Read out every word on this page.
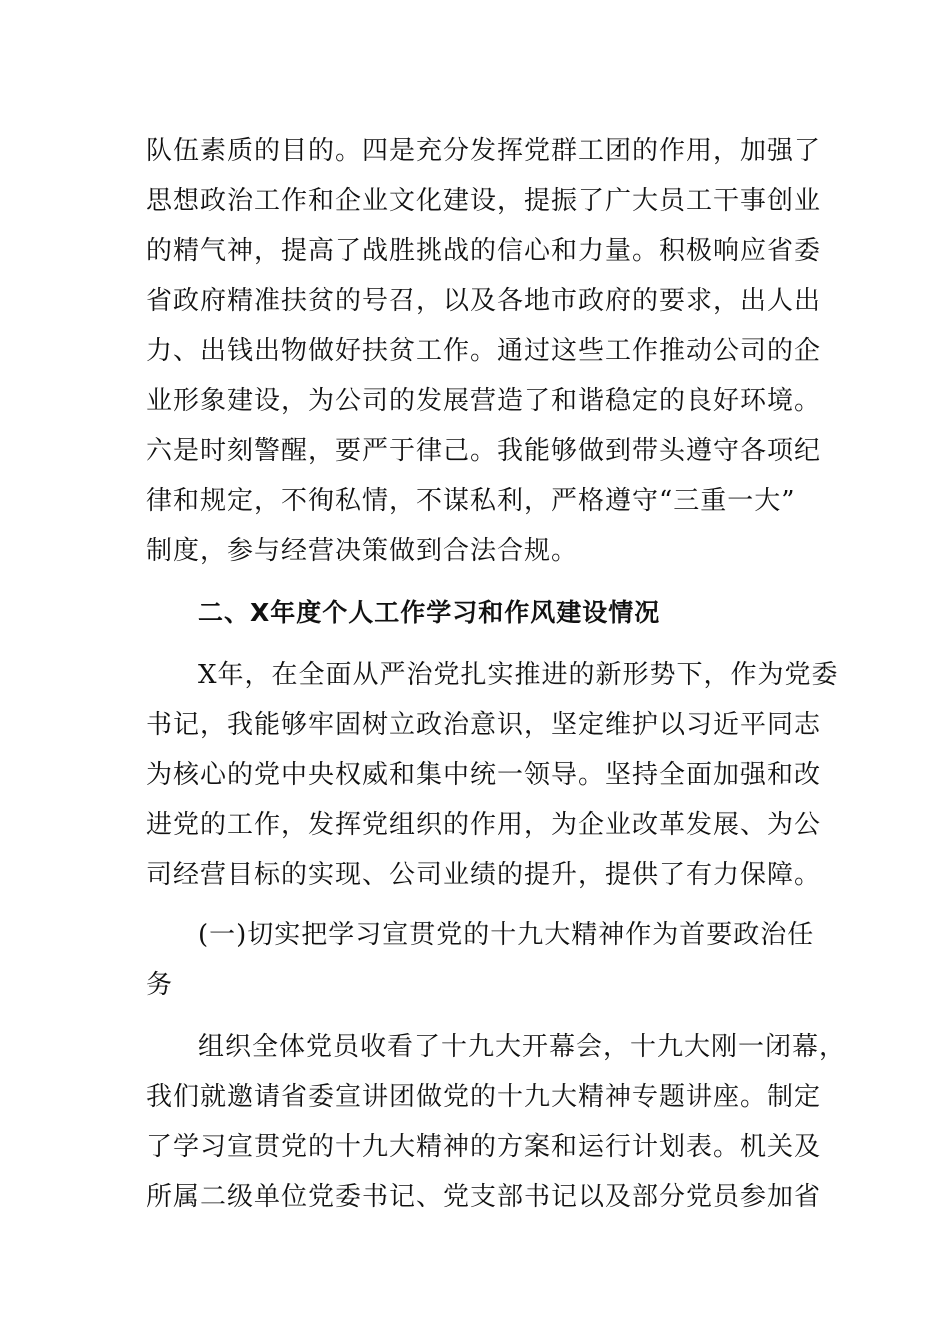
队伍素质的目的。四是充分发挥党群工团的作用，加强了
思想政治工作和企业文化建设，提振了广大员工干事创业
的精气神，提高了战胜挑战的信心和力量。积极响应省委
省政府精准扶贫的号召，以及各地市政府的要求，出人出
力、出钱出物做好扶贫工作。通过这些工作推动公司的企
业形象建设，为公司的发展营造了和谐稳定的良好环境。
六是时刻警醒，要严于律己。我能够做到带头遵守各项纪
律和规定，不徇私情，不谋私利，严格遵守“三重一大”
制度，参与经营决策做到合法合规。
二、X年度个人工作学习和作风建设情况
X年，在全面从严治党扎实推进的新形势下，作为党委
书记，我能够牢固树立政治意识，坚定维护以习近平同志
为核心的党中央权威和集中统一领导。坚持全面加强和改
进党的工作，发挥党组织的作用，为企业改革发展、为公
司经营目标的实现、公司业绩的提升，提供了有力保障。
(一)切实把学习宣贯党的十九大精神作为首要政治任
务
组织全体党员收看了十九大开幕会，十九大刚一闭幕，
我们就邀请省委宣讲团做党的十九大精神专题讲座。制定
了学习宣贯党的十九大精神的方案和运行计划表。机关及
所属二级单位党委书记、党支部书记以及部分党员参加省
